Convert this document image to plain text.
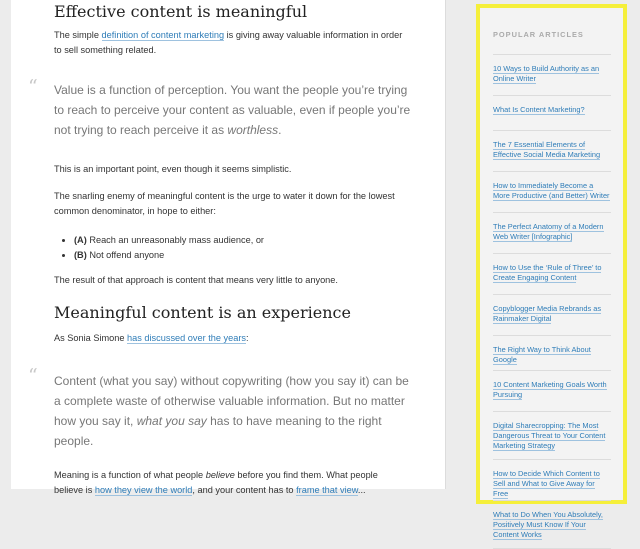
Effective content is meaningful

The simple definition of content marketing is giving away valuable information in order to sell something related.

“ Value is a function of perception. You want the people you’re trying to reach to perceive your content as valuable, even if people you’re not trying to reach perceive it as worthless.

This is an important point, even though it seems simplistic.

The snarling enemy of meaningful content is the urge to water it down for the lowest common denominator, in hope to either:

• (A) Reach an unreasonably mass audience, or
• (B) Not offend anyone

The result of that approach is content that means very little to anyone.

Meaningful content is an experience

As Sonia Simone has discussed over the years:

“ Content (what you say) without copywriting (how you say it) can be a complete waste of otherwise valuable information. But no matter how you say it, what you say has to have meaning to the right people.

Meaning is a function of what people believe before you find them. What people believe is how they view the world, and your content has to frame that view...

POPULAR ARTICLES
10 Ways to Build Authority as an Online Writer
What Is Content Marketing?
The 7 Essential Elements of Effective Social Media Marketing
How to Immediately Become a More Productive (and Better) Writer
The Perfect Anatomy of a Modern Web Writer [Infographic]
How to Use the ‘Rule of Three’ to Create Engaging Content
Copyblogger Media Rebrands as Rainmaker Digital
The Right Way to Think About Google
10 Content Marketing Goals Worth Pursuing
Digital Sharecropping: The Most Dangerous Threat to Your Content Marketing Strategy
How to Decide Which Content to Sell and What to Give Away for Free
What to Do When You Absolutely, Positively Must Know If Your Content Works
